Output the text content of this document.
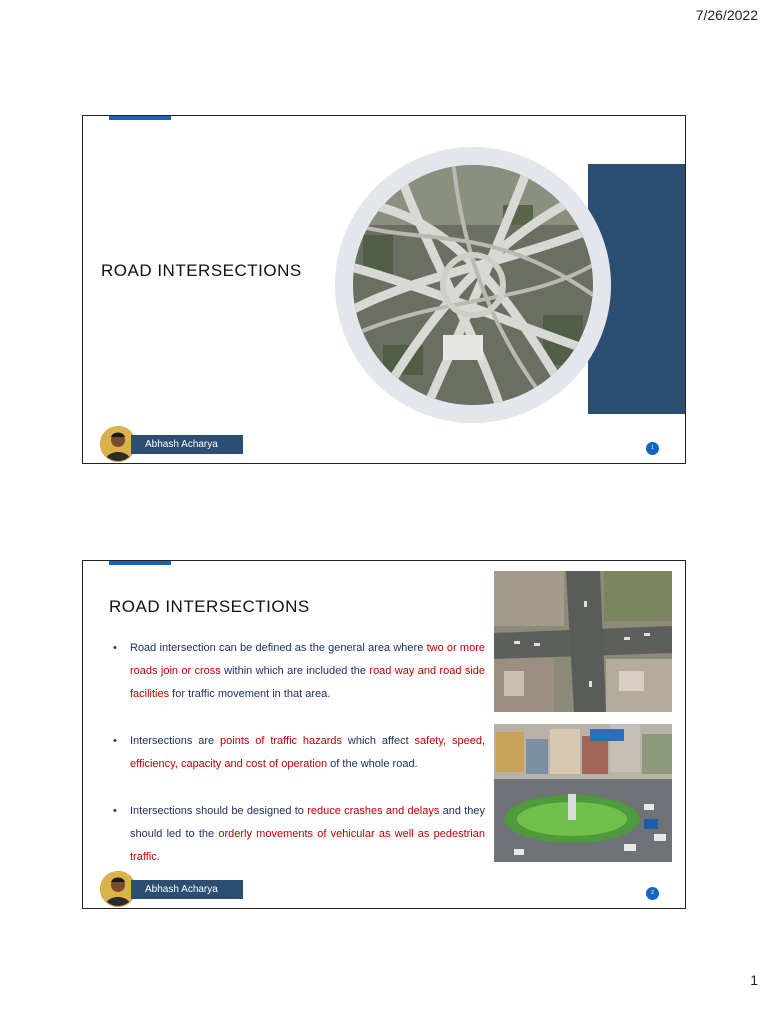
7/26/2022
ROAD INTERSECTIONS
Abhash Acharya	1
ROAD INTERSECTIONS
• Road intersection can be defined as the general area where two or more roads join or cross within which are included the road way and road side facilities for traffic movement in that area.
• Intersections are points of traffic hazards which affect safety, speed, efficiency, capacity and cost of operation of the whole road.
• Intersections should be designed to reduce crashes and delays and they should led to the orderly movements of vehicular as well as pedestrian traffic.
Abhash Acharya	2
1
